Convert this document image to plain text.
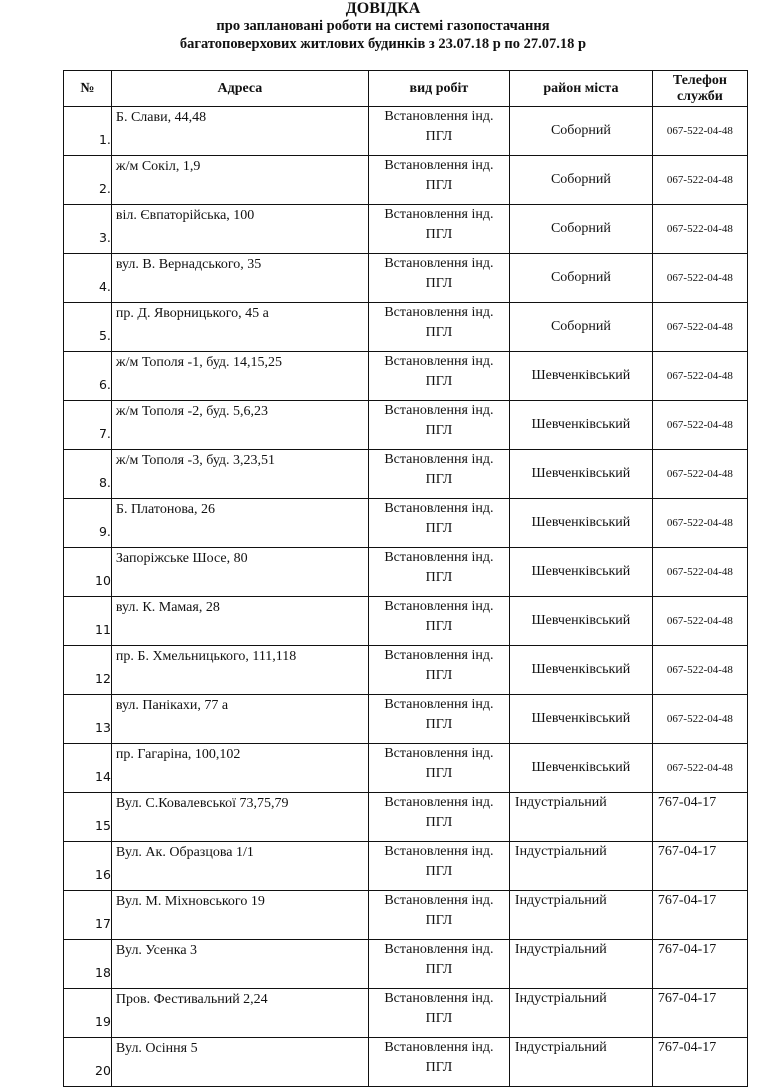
ДОВІДКА
про заплановані роботи на системі газопостачання
багатоповерхових житлових будинків з 23.07.18 р по 27.07.18 р
№	Адреса	вид робіт	район міста	Телефон
служби

1.	Б. Слави, 44,48	Встановлення інд.
ПГЛ	Соборний	067-522-04-48
2.	ж/м Сокіл, 1,9	Встановлення інд.
ПГЛ	Соборний	067-522-04-48
3.	віл. Євпаторійська, 100	Встановлення інд.
ПГЛ	Соборний	067-522-04-48
4.	вул. В. Вернадського, 35	Встановлення інд.
ПГЛ	Соборний	067-522-04-48
5.	пр. Д. Яворницького, 45 а	Встановлення інд.
ПГЛ	Соборний	067-522-04-48
6.	ж/м Тополя -1, буд. 14,15,25	Встановлення інд.
ПГЛ	Шевченківський	067-522-04-48
7.	ж/м Тополя -2, буд. 5,6,23	Встановлення інд.
ПГЛ	Шевченківський	067-522-04-48
8.	ж/м Тополя -3, буд. 3,23,51	Встановлення інд.
ПГЛ	Шевченківський	067-522-04-48
9.	Б. Платонова, 26	Встановлення інд.
ПГЛ	Шевченківський	067-522-04-48
10	Запоріжське Шосе, 80	Встановлення інд.
ПГЛ	Шевченківський	067-522-04-48
11	вул. К. Мамая, 28	Встановлення інд.
ПГЛ	Шевченківський	067-522-04-48
12	пр. Б. Хмельницького, 111,118	Встановлення інд.
ПГЛ	Шевченківський	067-522-04-48
13	вул. Панікахи, 77 а	Встановлення інд.
ПГЛ	Шевченківський	067-522-04-48
14	пр. Гагаріна, 100,102	Встановлення інд.
ПГЛ	Шевченківський	067-522-04-48
15	Вул. С.Ковалевської 73,75,79	Встановлення інд.
ПГЛ	Індустріальний	767-04-17
16	Вул. Ак. Образцова 1/1	Встановлення інд.
ПГЛ	Індустріальний	767-04-17
17	Вул. М. Міхновського 19	Встановлення інд.
ПГЛ	Індустріальний	767-04-17
18	Вул. Усенка 3	Встановлення інд.
ПГЛ	Індустріальний	767-04-17
19	Пров. Фестивальний 2,24	Встановлення інд.
ПГЛ	Індустріальний	767-04-17
20	Вул. Осіння 5	Встановлення інд.
ПГЛ	Індустріальний	767-04-17
